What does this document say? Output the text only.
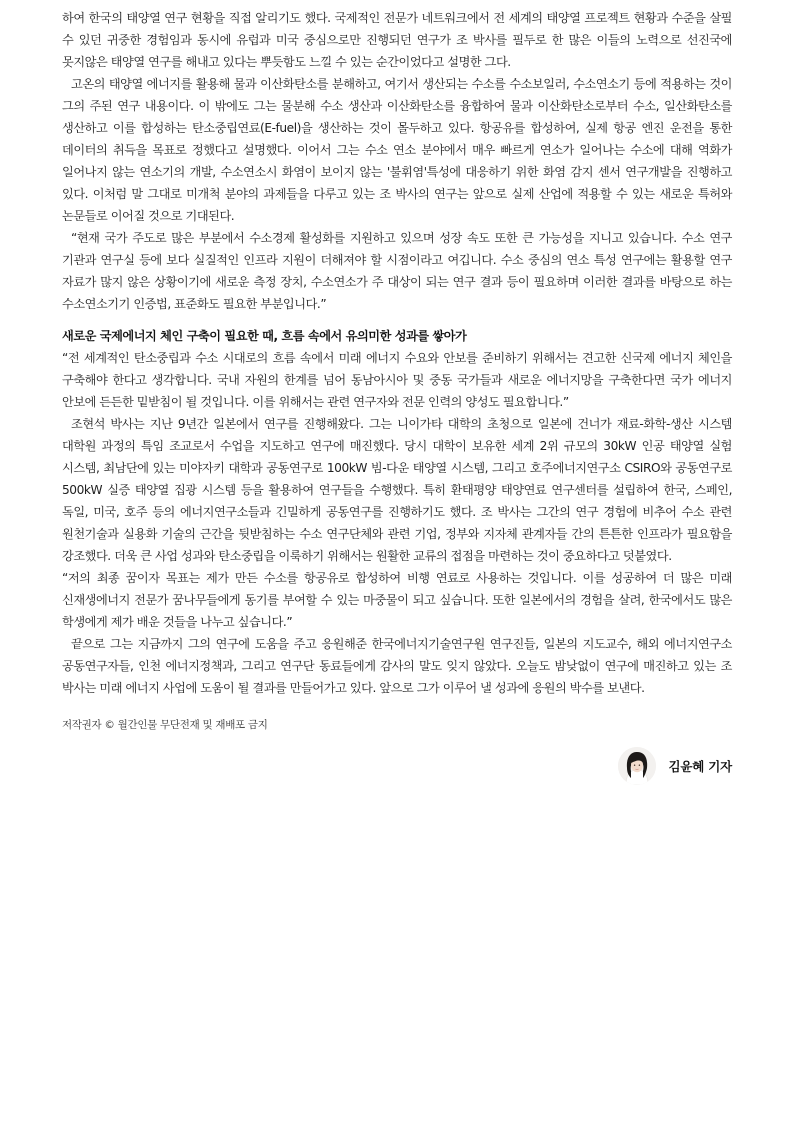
하여 한국의 태양열 연구 현황을 직접 알리기도 했다. 국제적인 전문가 네트워크에서 전 세계의 태양열 프로젝트 현황과 수준을 살필 수 있던 귀중한 경험임과 동시에 유럽과 미국 중심으로만 진행되던 연구가 조 박사를 필두로 한 많은 이들의 노력으로 선진국에 못지않은 태양열 연구를 해내고 있다는 뿌듯함도 느낄 수 있는 순간이었다고 설명한 그다.

고온의 태양열 에너지를 활용해 물과 이산화탄소를 분해하고, 여기서 생산되는 수소를 수소보일러, 수소연소기 등에 적용하는 것이 그의 주된 연구 내용이다. 이 밖에도 그는 물분해 수소 생산과 이산화탄소를 융합하여 물과 이산화탄소로부터 수소, 일산화탄소를 생산하고 이를 합성하는 탄소중립연료(E-fuel)을 생산하는 것이 몰두하고 있다. 항공유를 합성하여, 실제 항공 엔진 운전을 통한 데이터의 취득을 목표로 정했다고 설명했다. 이어서 그는 수소 연소 분야에서 매우 빠르게 연소가 일어나는 수소에 대해 역화가 일어나지 않는 연소기의 개발, 수소연소시 화염이 보이지 않는 '불휘염'특성에 대응하기 위한 화염 감지 센서 연구개발을 진행하고 있다. 이처럼 말 그대로 미개척 분야의 과제들을 다루고 있는 조 박사의 연구는 앞으로 실제 산업에 적용할 수 있는 새로운 특허와 논문들로 이어질 것으로 기대된다.

“현재 국가 주도로 많은 부분에서 수소경제 활성화를 지원하고 있으며 성장 속도 또한 큰 가능성을 지니고 있습니다. 수소 연구 기관과 연구실 등에 보다 실질적인 인프라 지원이 더해져야 할 시점이라고 여깁니다. 수소 중심의 연소 특성 연구에는 활용할 연구 자료가 많지 않은 상황이기에 새로운 측정 장치, 수소연소가 주 대상이 되는 연구 결과 등이 필요하며 이러한 결과를 바탕으로 하는 수소연소기기 인증법, 표준화도 필요한 부분입니다.”

새로운 국제에너지 체인 구축이 필요한 때, 흐름 속에서 유의미한 성과를 쌓아가

“전 세계적인 탄소중립과 수소 시대로의 흐름 속에서 미래 에너지 수요와 안보를 준비하기 위해서는 견고한 신국제 에너지 체인을 구축해야 한다고 생각합니다. 국내 자원의 한계를 넘어 동남아시아 및 중동 국가들과 새로운 에너지망을 구축한다면 국가 에너지 안보에 든든한 밑받침이 될 것입니다. 이를 위해서는 관련 연구자와 전문 인력의 양성도 필요합니다.”

조현석 박사는 지난 9년간 일본에서 연구를 진행해왔다. 그는 니이가타 대학의 초청으로 일본에 건너가 재료-화학-생산 시스템 대학원 과정의 특임 조교로서 수업을 지도하고 연구에 매진했다. 당시 대학이 보유한 세계 2위 규모의 30kW 인공 태양열 실험 시스템, 최남단에 있는 미야자키 대학과 공동연구로 100kW 빔-다운 태양열 시스템, 그리고 호주에너지연구소 CSIRO와 공동연구로 500kW 실증 태양열 집광 시스템 등을 활용하여 연구들을 수행했다. 특히 환태평양 태양연료 연구센터를 설립하여 한국, 스페인, 독일, 미국, 호주 등의 에너지연구소들과 긴밀하게 공동연구를 진행하기도 했다. 조 박사는 그간의 연구 경험에 비추어 수소 관련 원천기술과 실용화 기술의 근간을 뒷받침하는 수소 연구단체와 관련 기업, 정부와 지자체 관계자들 간의 튼튼한 인프라가 필요함을 강조했다. 더욱 큰 사업 성과와 탄소중립을 이룩하기 위해서는 원활한 교류의 접점을 마련하는 것이 중요하다고 덧붙였다.

“저의 최종 꿈이자 목표는 제가 만든 수소를 항공유로 합성하여 비행 연료로 사용하는 것입니다. 이를 성공하여 더 많은 미래 신재생에너지 전문가 꿈나무들에게 동기를 부여할 수 있는 마중물이 되고 싶습니다. 또한 일본에서의 경험을 살려, 한국에서도 많은 학생에게 제가 배운 것들을 나누고 싶습니다.”

끝으로 그는 지금까지 그의 연구에 도움을 주고 응원해준 한국에너지기술연구원 연구진들, 일본의 지도교수, 해외 에너지연구소 공동연구자들, 인천 에너지정책과, 그리고 연구단 동료들에게 감사의 말도 잊지 않았다. 오늘도 밤낮없이 연구에 매진하고 있는 조 박사는 미래 에너지 사업에 도움이 될 결과를 만들어가고 있다. 앞으로 그가 이루어 낼 성과에 응원의 박수를 보낸다.

저작권자 © 월간인물 무단전재 및 재배포 금지
김윤혜 기자
